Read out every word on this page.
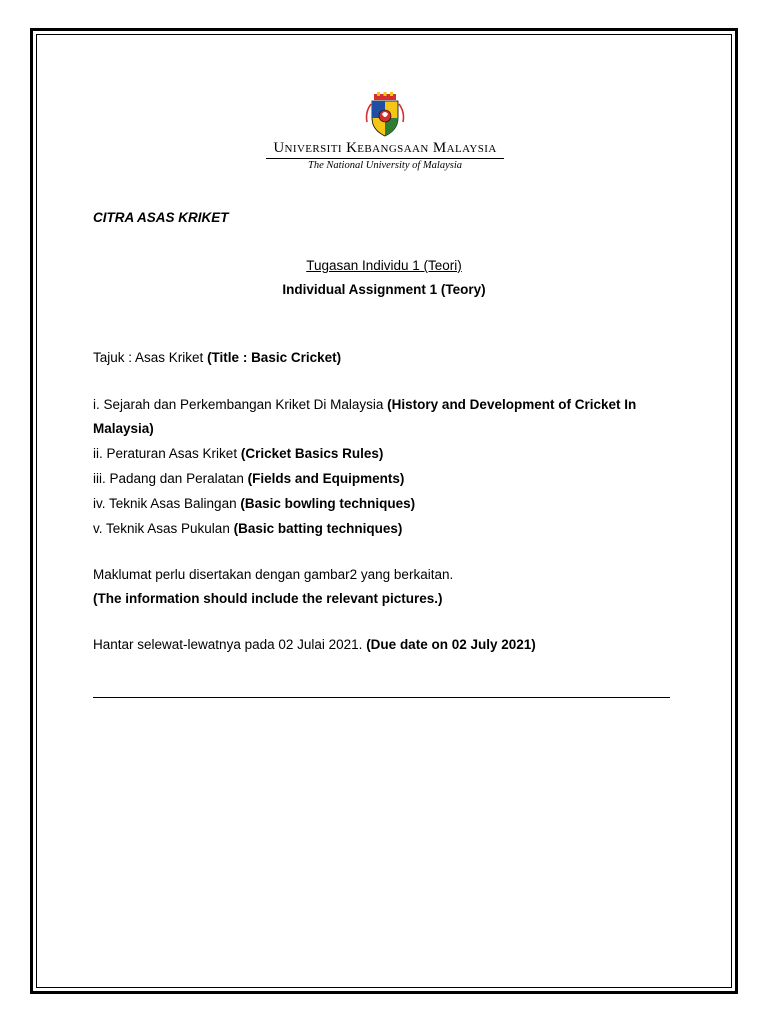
Universiti Kebangsaan Malaysia
The National University of Malaysia
CITRA ASAS KRIKET
Tugasan Individu 1 (Teori)
Individual Assignment 1 (Teory)
Tajuk : Asas Kriket (Title : Basic Cricket)
i. Sejarah dan Perkembangan Kriket Di Malaysia (History and Development of Cricket In
Malaysia)
ii. Peraturan Asas Kriket (Cricket Basics Rules)
iii. Padang dan Peralatan (Fields and Equipments)
iv. Teknik Asas Balingan (Basic bowling techniques)
v. Teknik Asas Pukulan (Basic batting techniques)
Maklumat perlu disertakan dengan gambar2 yang berkaitan.
(The information should include the relevant pictures.)
Hantar selewat-lewatnya pada 02 Julai 2021. (Due date on 02 July 2021)
